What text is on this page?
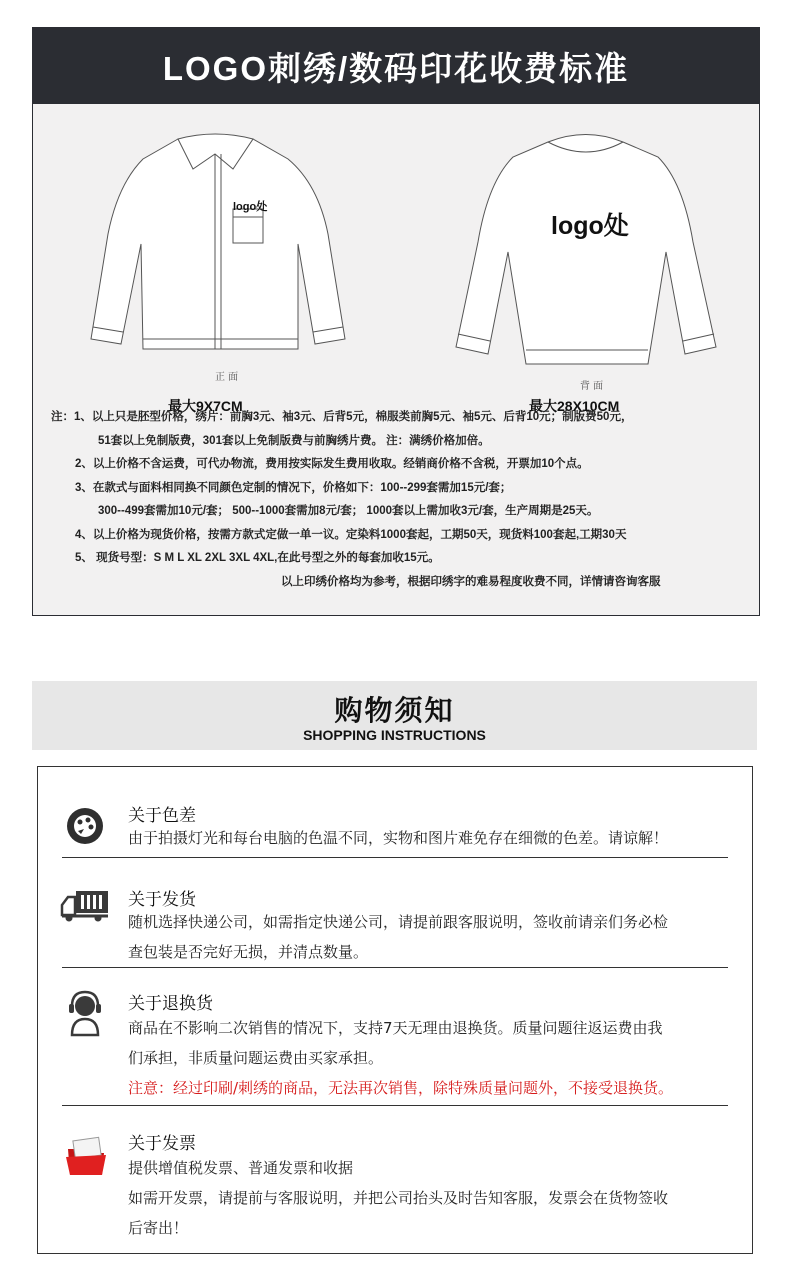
LOGO刺绣/数码印花收费标准
logo处
正 面
最大9X7CM
logo处
背 面
最大28X10CM
注：1、以上只是胚型价格，绣片：前胸3元、袖3元、后背5元，棉服类前胸5元、袖5元、后背10元；制版费50元，
51套以上免制版费，301套以上免制版费与前胸绣片费。 注：满绣价格加倍。
2、以上价格不含运费，可代办物流，费用按实际发生费用收取。经销商价格不含税，开票加10个点。
3、在款式与面料相同换不同颜色定制的情况下，价格如下：100--299套需加15元/套；
300--499套需加10元/套； 500--1000套需加8元/套； 1000套以上需加收3元/套，生产周期是25天。
4、以上价格为现货价格，按需方款式定做一单一议。定染料1000套起，工期50天，现货料100套起,工期30天
5、 现货号型：S M L XL 2XL 3XL 4XL,在此号型之外的每套加收15元。
以上印绣价格均为参考，根据印绣字的难易程度收费不同，详情请咨询客服
购物须知
SHOPPING INSTRUCTIONS
关于色差
由于拍摄灯光和每台电脑的色温不同，实物和图片难免存在细微的色差。请谅解！
关于发货
随机选择快递公司，如需指定快递公司，请提前跟客服说明，签收前请亲们务必检
查包装是否完好无损，并清点数量。
关于退换货
商品在不影响二次销售的情况下，支持7天无理由退换货。质量问题往返运费由我
们承担，非质量问题运费由买家承担。
注意：经过印刷/刺绣的商品，无法再次销售，除特殊质量问题外，不接受退换货。
关于发票
提供增值税发票、普通发票和收据
如需开发票，请提前与客服说明，并把公司抬头及时告知客服，发票会在货物签收
后寄出！
